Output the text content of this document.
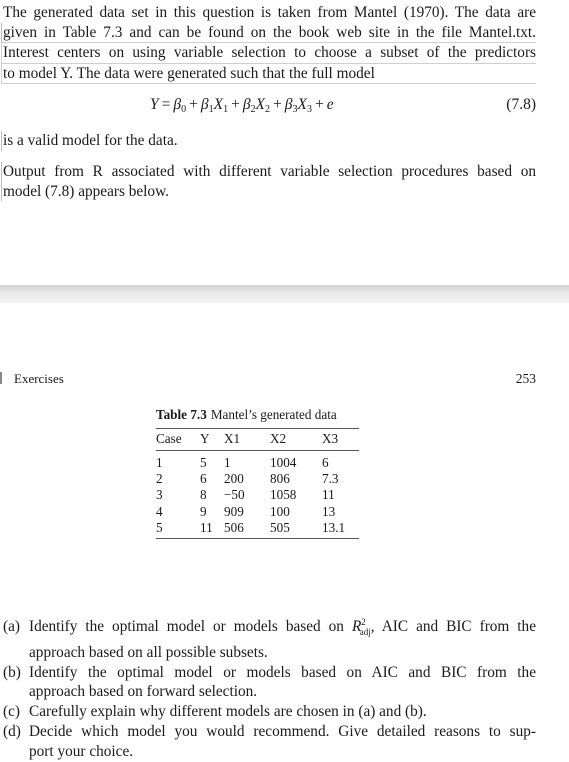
The generated data set in this question is taken from Mantel (1970). The data are
given in Table 7.3 and can be found on the book web site in the file Mantel.txt.
Interest centers on using variable selection to choose a subset of the predictors
to model Y. The data were generated such that the full model
$Y = \beta_0 + \beta_1X_1 + \beta_2X_2 + \beta_3X_3 + e$	(7.8)
is a valid model for the data.
Output from R associated with different variable selection procedures based on
model (7.8) appears below.
Exercises	253
Table 7.3 Mantel’s generated data
Case	Y	X1	X2	X3
1	5	1	1004	6
2	6	200	806	7.3
3	8	−50	1058	11
4	9	909	100	13
5	11	506	505	13.1
(a) Identify the optimal model or models based on $R^2_{adj}$, AIC and BIC from the
approach based on all possible subsets.
(b) Identify the optimal model or models based on AIC and BIC from the
approach based on forward selection.
(c) Carefully explain why different models are chosen in (a) and (b).
(d) Decide which model you would recommend. Give detailed reasons to sup-
port your choice.
